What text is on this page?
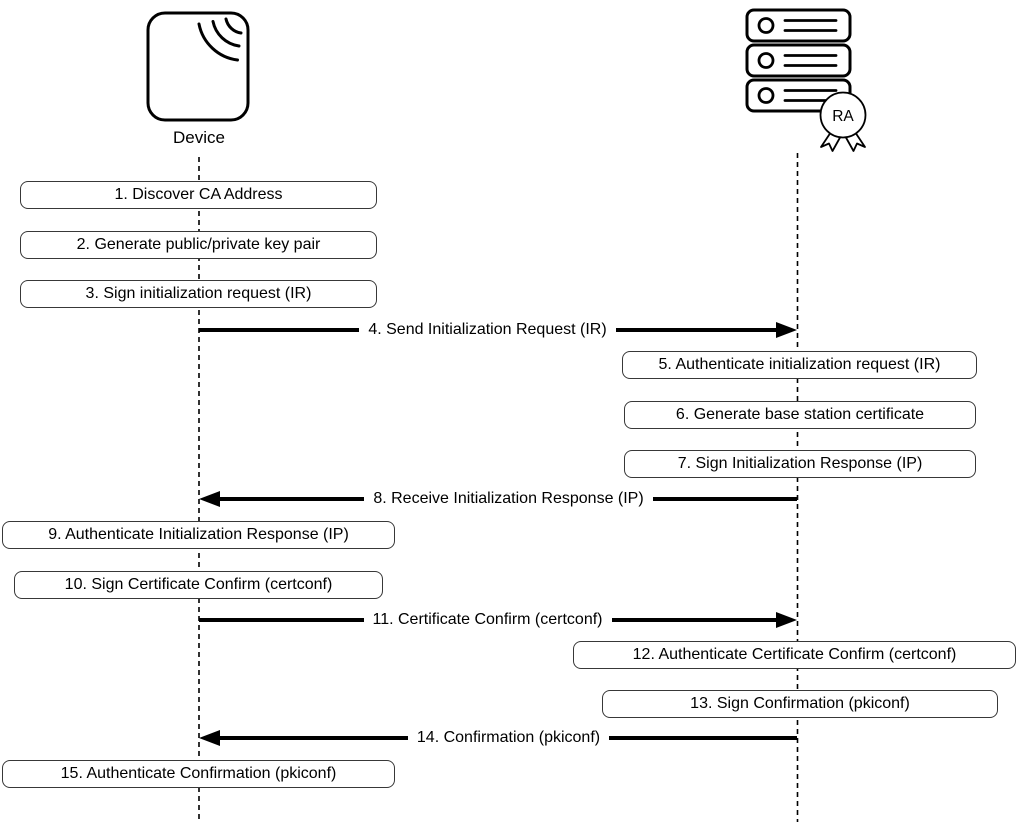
Device
RA
1. Discover CA Address
2. Generate public/private key pair
3. Sign initialization request (IR)
4. Send Initialization Request (IR)
5. Authenticate initialization request (IR)
6. Generate base station certificate
7. Sign Initialization Response (IP)
8. Receive Initialization Response (IP)
9. Authenticate Initialization Response (IP)
10. Sign Certificate Confirm (certconf)
11. Certificate Confirm (certconf)
12. Authenticate Certificate Confirm (certconf)
13. Sign Confirmation (pkiconf)
14. Confirmation (pkiconf)
15. Authenticate Confirmation (pkiconf)
